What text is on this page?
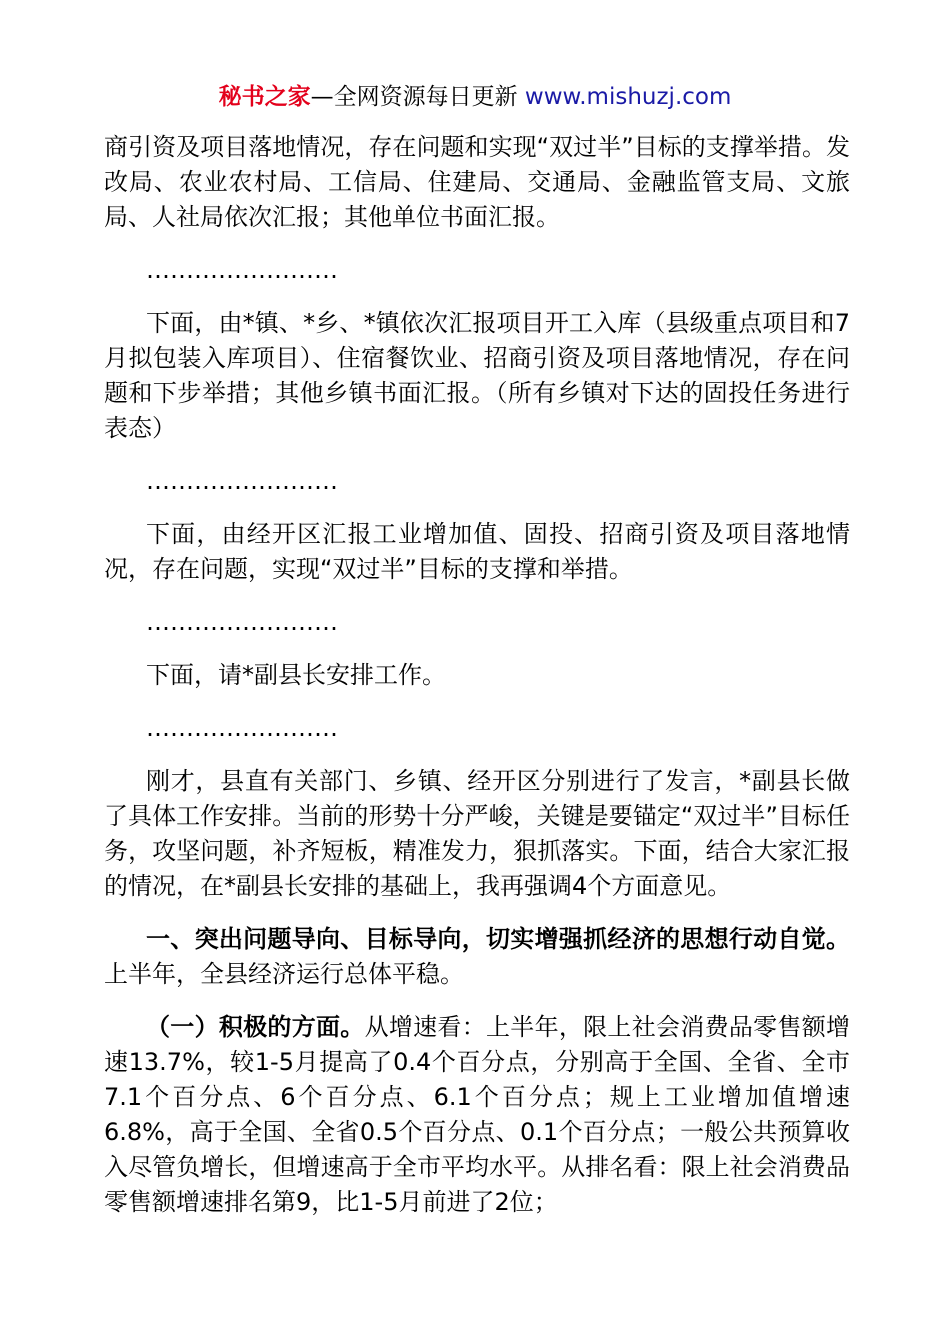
秘书之家—全网资源每日更新 www.mishuzj.com

商引资及项目落地情况，存在问题和实现“双过半”目标的支撑举措。发改局、农业农村局、工信局、住建局、交通局、金融监管支局、文旅局、人社局依次汇报；其他单位书面汇报。

……………………

下面，由*镇、*乡、*镇依次汇报项目开工入库（县级重点项目和7月拟包装入库项目）、住宿餐饮业、招商引资及项目落地情况，存在问题和下步举措；其他乡镇书面汇报。（所有乡镇对下达的固投任务进行表态）

……………………

下面，由经开区汇报工业增加值、固投、招商引资及项目落地情况，存在问题，实现“双过半”目标的支撑和举措。

……………………

下面，请*副县长安排工作。

……………………

刚才，县直有关部门、乡镇、经开区分别进行了发言，*副县长做了具体工作安排。当前的形势十分严峻，关键是要锚定“双过半”目标任务，攻坚问题，补齐短板，精准发力，狠抓落实。下面，结合大家汇报的情况，在*副县长安排的基础上，我再强调4个方面意见。

一、突出问题导向、目标导向，切实增强抓经济的思想行动自觉。上半年，全县经济运行总体平稳。

（一）积极的方面。从增速看：上半年，限上社会消费品零售额增速13.7%，较1-5月提高了0.4个百分点，分别高于全国、全省、全市7.1个百分点、6个百分点、6.1个百分点；规上工业增加值增速6.8%，高于全国、全省0.5个百分点、0.1个百分点；一般公共预算收入尽管负增长，但增速高于全市平均水平。从排名看：限上社会消费品零售额增速排名第9，比1-5月前进了2位；
